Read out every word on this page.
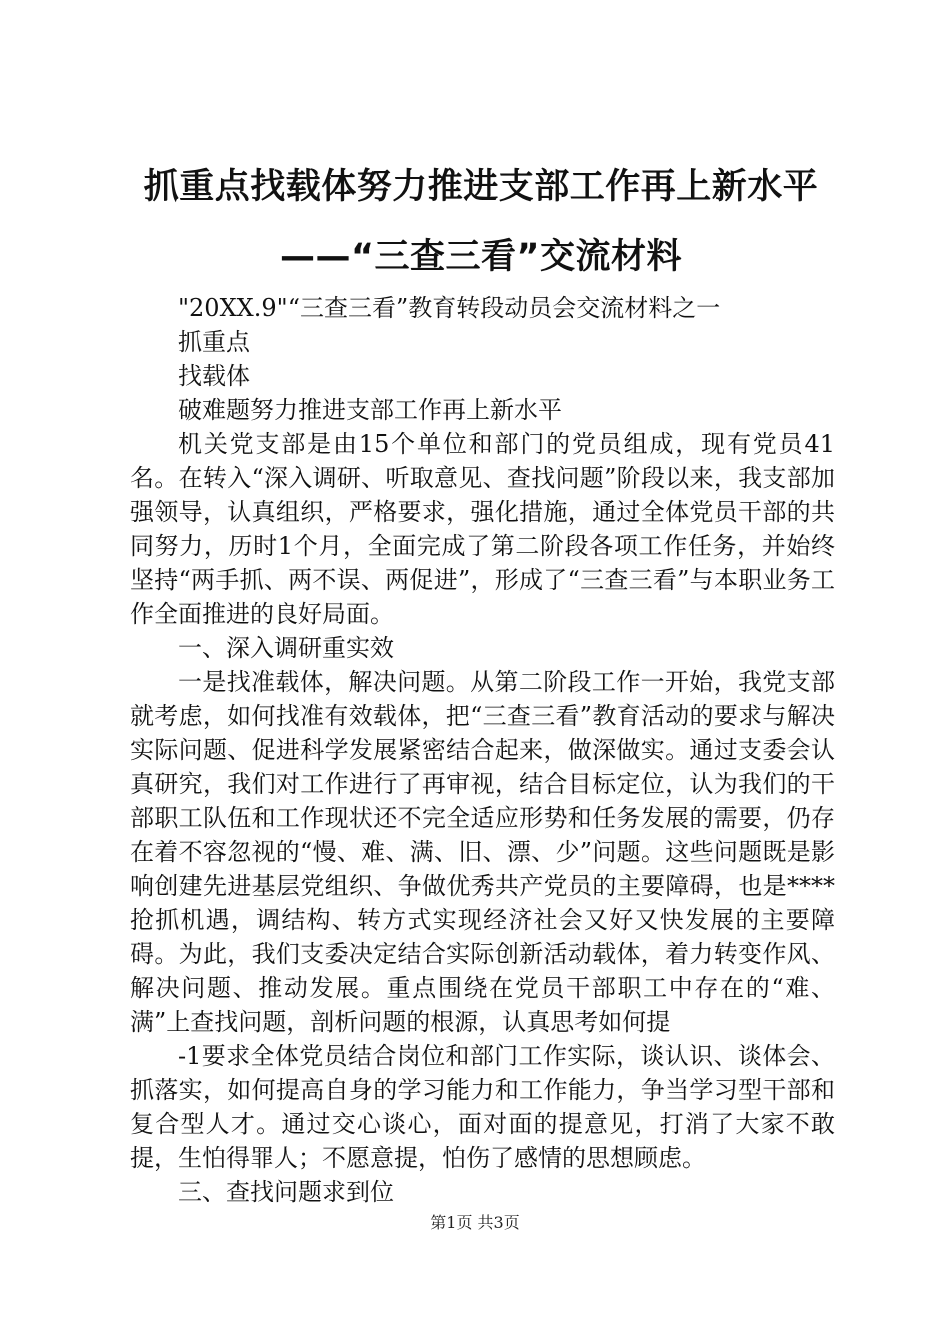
抓重点找载体努力推进支部工作再上新水平——“三查三看”交流材料

"20XX.9"“三查三看”教育转段动员会交流材料之一

抓重点

找载体

破难题努力推进支部工作再上新水平

机关党支部是由15个单位和部门的党员组成，现有党员41名。在转入“深入调研、听取意见、查找问题”阶段以来，我支部加强领导，认真组织，严格要求，强化措施，通过全体党员干部的共同努力，历时1个月，全面完成了第二阶段各项工作任务，并始终坚持“两手抓、两不误、两促进”，形成了“三查三看”与本职业务工作全面推进的良好局面。

一、深入调研重实效

一是找准载体，解决问题。从第二阶段工作一开始，我党支部就考虑，如何找准有效载体，把“三查三看”教育活动的要求与解决实际问题、促进科学发展紧密结合起来，做深做实。通过支委会认真研究，我们对工作进行了再审视，结合目标定位，认为我们的干部职工队伍和工作现状还不完全适应形势和任务发展的需要，仍存在着不容忽视的“慢、难、满、旧、漂、少”问题。这些问题既是影响创建先进基层党组织、争做优秀共产党员的主要障碍，也是****抢抓机遇，调结构、转方式实现经济社会又好又快发展的主要障碍。为此，我们支委决定结合实际创新活动载体，着力转变作风、解决问题、推动发展。重点围绕在党员干部职工中存在的“难、满”上查找问题，剖析问题的根源，认真思考如何提

-1要求全体党员结合岗位和部门工作实际，谈认识、谈体会、抓落实，如何提高自身的学习能力和工作能力，争当学习型干部和复合型人才。通过交心谈心，面对面的提意见，打消了大家不敢提，生怕得罪人；不愿意提，怕伤了感情的思想顾虑。

三、查找问题求到位

第1页 共3页
